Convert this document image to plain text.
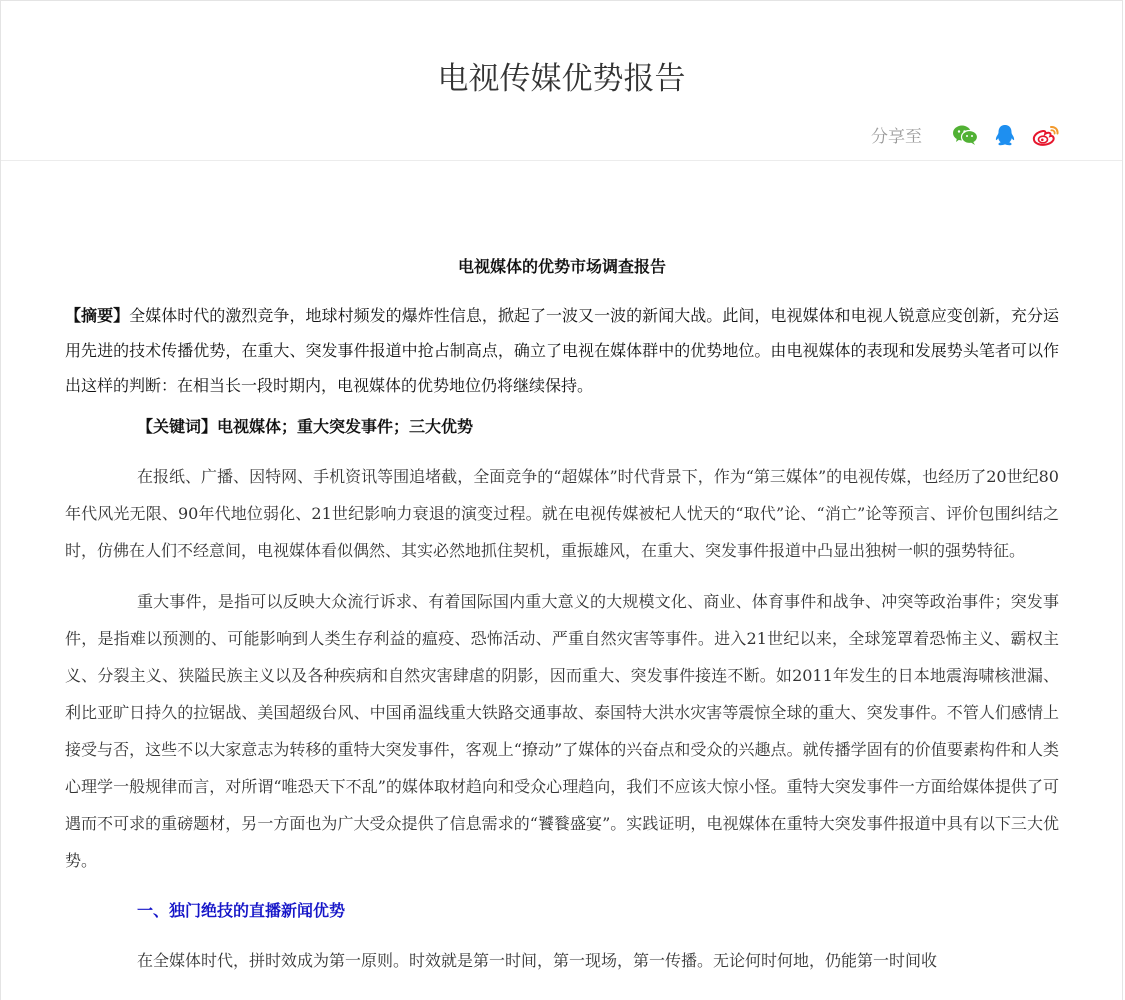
电视传媒优势报告
分享至

电视媒体的优势市场调查报告

【摘要】全媒体时代的激烈竞争，地球村频发的爆炸性信息，掀起了一波又一波的新闻大战。此间，电视媒体和电视人锐意应变创新，充分运用先进的技术传播优势，在重大、突发事件报道中抢占制高点，确立了电视在媒体群中的优势地位。由电视媒体的表现和发展势头笔者可以作出这样的判断：在相当长一段时期内，电视媒体的优势地位仍将继续保持。

【关键词】电视媒体；重大突发事件；三大优势

在报纸、广播、因特网、手机资讯等围追堵截，全面竞争的“超媒体”时代背景下，作为“第三媒体”的电视传媒，也经历了20世纪80年代风光无限、90年代地位弱化、21世纪影响力衰退的演变过程。就在电视传媒被杞人忧天的“取代”论、“消亡”论等预言、评价包围纠结之时，仿佛在人们不经意间，电视媒体看似偶然、其实必然地抓住契机，重振雄风，在重大、突发事件报道中凸显出独树一帜的强势特征。

重大事件，是指可以反映大众流行诉求、有着国际国内重大意义的大规模文化、商业、体育事件和战争、冲突等政治事件；突发事件，是指难以预测的、可能影响到人类生存利益的瘟疫、恐怖活动、严重自然灾害等事件。进入21世纪以来，全球笼罩着恐怖主义、霸权主义、分裂主义、狭隘民族主义以及各种疾病和自然灾害肆虐的阴影，因而重大、突发事件接连不断。如2011年发生的日本地震海啸核泄漏、利比亚旷日持久的拉锯战、美国超级台风、中国甬温线重大铁路交通事故、泰国特大洪水灾害等震惊全球的重大、突发事件。不管人们感情上接受与否，这些不以大家意志为转移的重特大突发事件，客观上“撩动”了媒体的兴奋点和受众的兴趣点。就传播学固有的价值要素构件和人类心理学一般规律而言，对所谓“唯恐天下不乱”的媒体取材趋向和受众心理趋向，我们不应该大惊小怪。重特大突发事件一方面给媒体提供了可遇而不可求的重磅题材，另一方面也为广大受众提供了信息需求的“饕餮盛宴”。实践证明，电视媒体在重特大突发事件报道中具有以下三大优势。

一、独门绝技的直播新闻优势

在全媒体时代，拼时效成为第一原则。时效就是第一时间，第一现场，第一传播。无论何时何地，仍能第一时间收
